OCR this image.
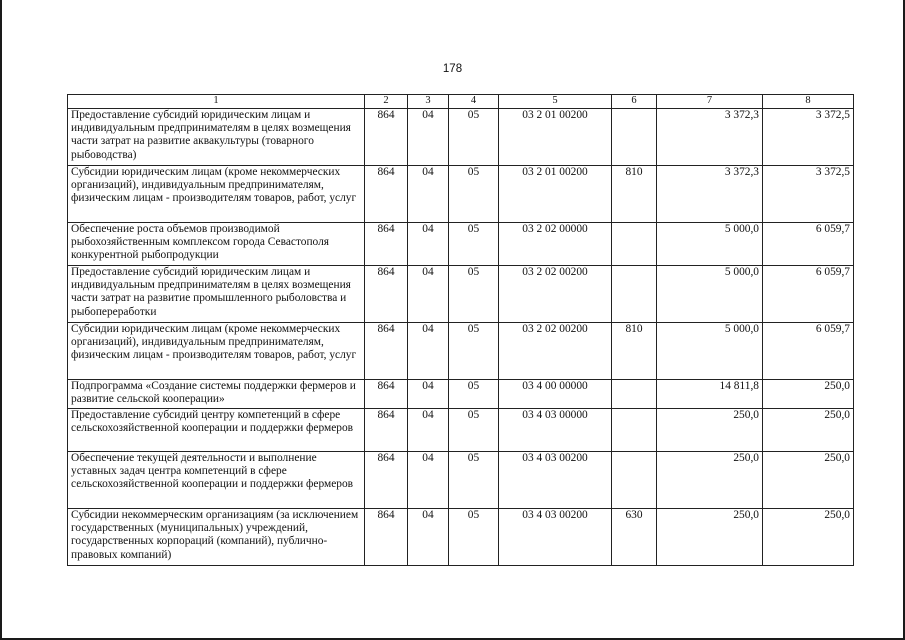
178
1	2	3	4	5	6	7	8
Предоставление субсидий юридическим лицам и индивидуальным предпринимателям в целях возмещения части затрат на развитие аквакультуры (товарного рыбоводства)	864	04	05	03 2 01 00200		3 372,3	3 372,5
Субсидии юридическим лицам (кроме некоммерческих организаций), индивидуальным предпринимателям, физическим лицам - производителям товаров, работ, услуг	864	04	05	03 2 01 00200	810	3 372,3	3 372,5
Обеспечение роста объемов производимой рыбохозяйственным комплексом города Севастополя конкурентной рыбопродукции	864	04	05	03 2 02 00000		5 000,0	6 059,7
Предоставление субсидий юридическим лицам и индивидуальным предпринимателям в целях возмещения части затрат на развитие промышленного рыболовства и рыбопереработки	864	04	05	03 2 02 00200		5 000,0	6 059,7
Субсидии юридическим лицам (кроме некоммерческих организаций), индивидуальным предпринимателям, физическим лицам - производителям товаров, работ, услуг	864	04	05	03 2 02 00200	810	5 000,0	6 059,7
Подпрограмма «Создание системы поддержки фермеров и развитие сельской кооперации»	864	04	05	03 4 00 00000		14 811,8	250,0
Предоставление субсидий центру компетенций в сфере сельскохозяйственной кооперации и поддержки фермеров	864	04	05	03 4 03 00000		250,0	250,0
Обеспечение текущей деятельности и выполнение уставных задач центра компетенций в сфере сельскохозяйственной кооперации и поддержки фермеров	864	04	05	03 4 03 00200		250,0	250,0
Субсидии некоммерческим организациям (за исключением государственных (муниципальных) учреждений, государственных корпораций (компаний), публично-правовых компаний)	864	04	05	03 4 03 00200	630	250,0	250,0
